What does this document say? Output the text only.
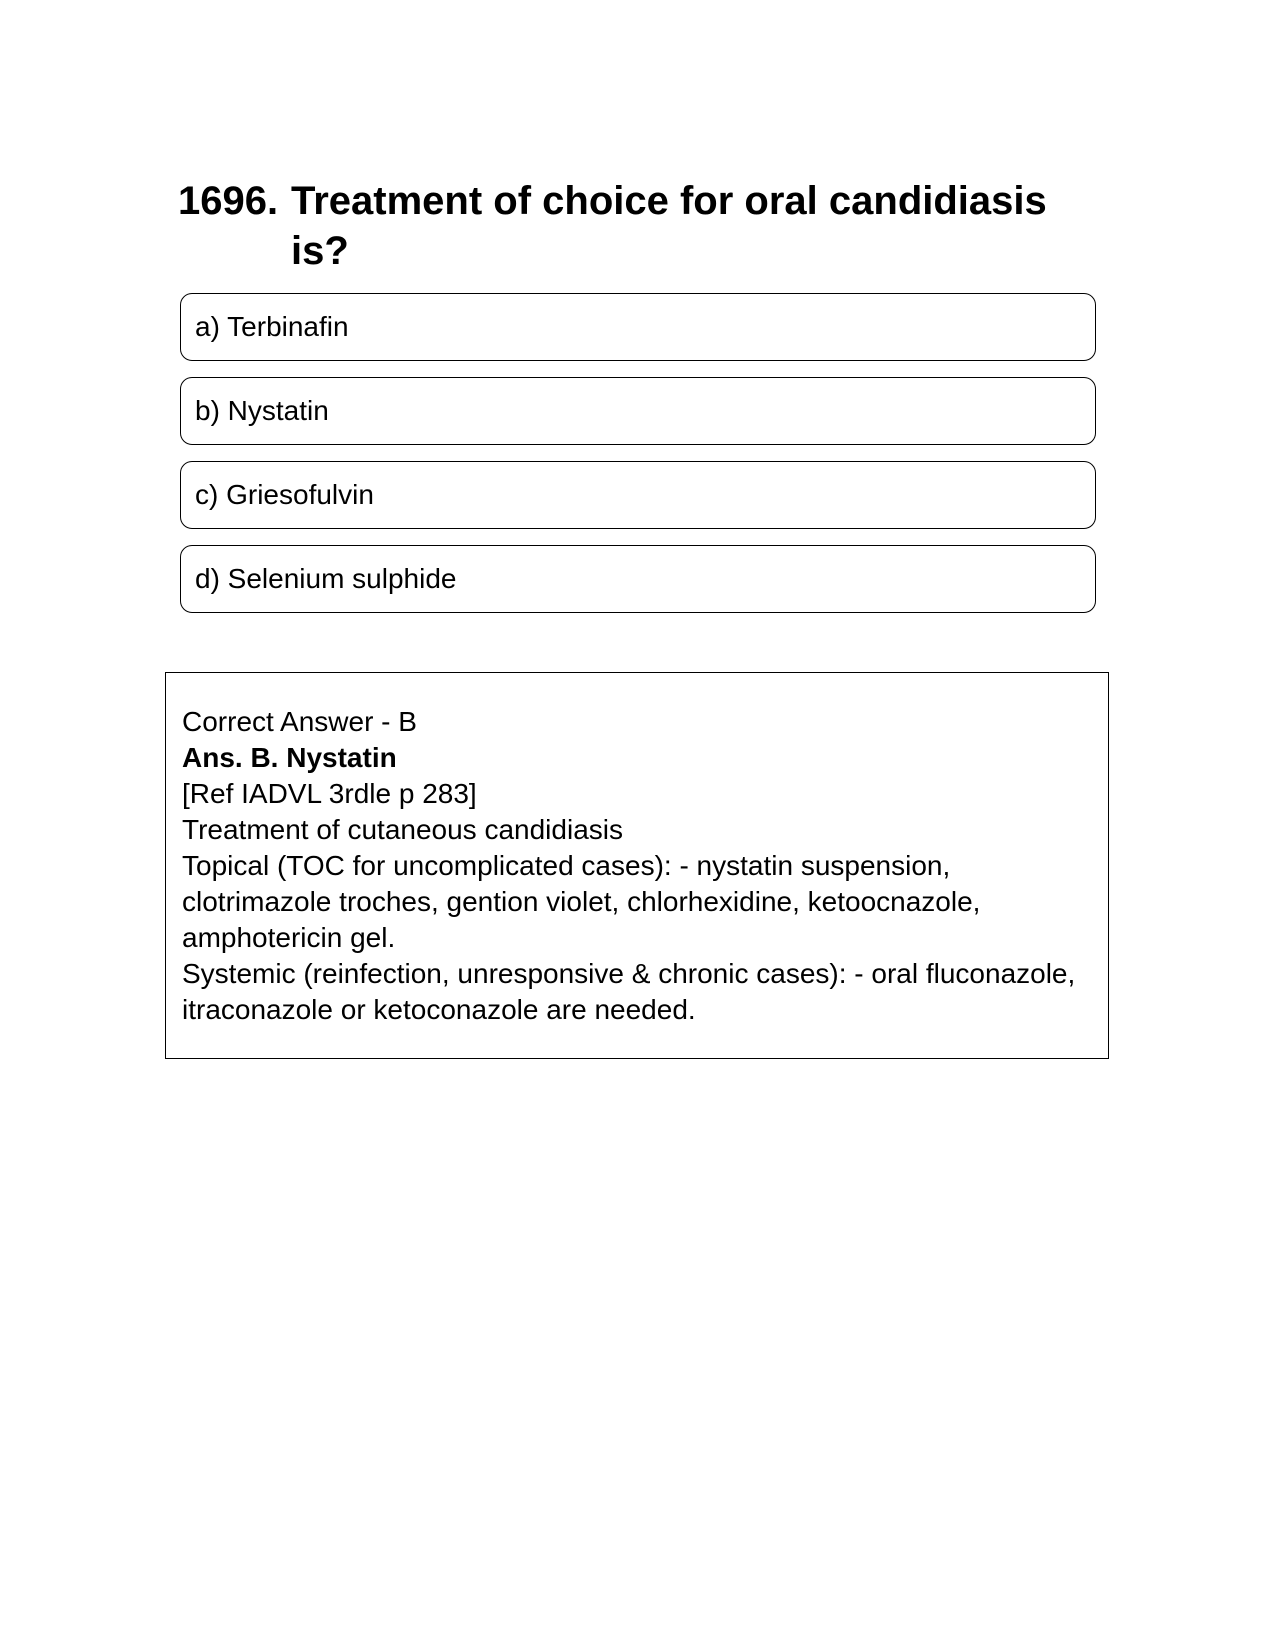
1696. Treatment of choice for oral candidiasis is?
a) Terbinafin
b) Nystatin
c) Griesofulvin
d) Selenium sulphide
Correct Answer - B
Ans. B. Nystatin
[Ref IADVL 3rdle p 283]
Treatment of cutaneous candidiasis
Topical (TOC for uncomplicated cases): - nystatin suspension, clotrimazole troches, gention violet, chlorhexidine, ketoocnazole, amphotericin gel.
Systemic (reinfection, unresponsive & chronic cases): - oral fluconazole, itraconazole or ketoconazole are needed.
